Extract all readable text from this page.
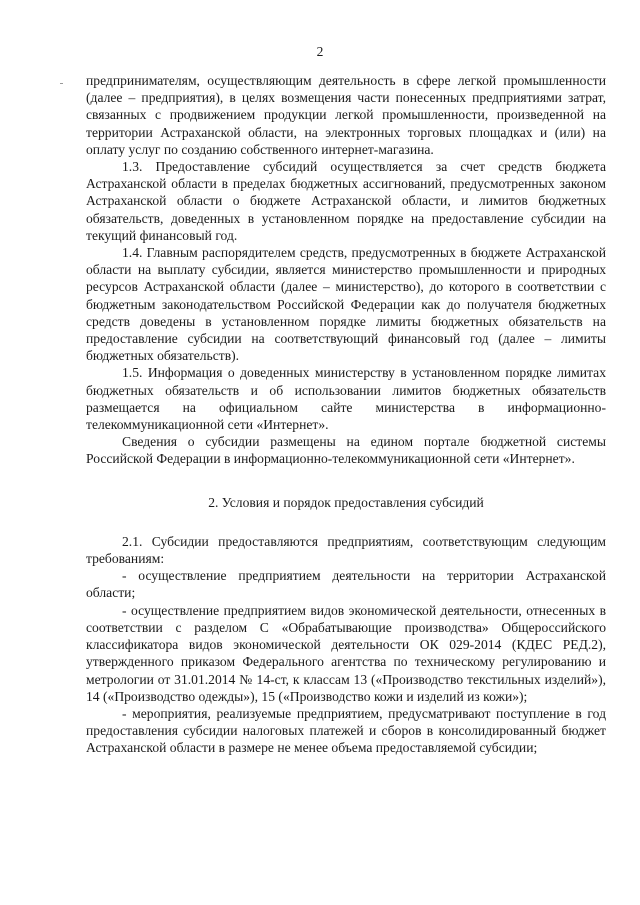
2

предпринимателям, осуществляющим деятельность в сфере легкой промышленности (далее – предприятия), в целях возмещения части понесенных предприятиями затрат, связанных с продвижением продукции легкой промышленности, произведенной на территории Астраханской области, на электронных торговых площадках и (или) на оплату услуг по созданию собственного интернет-магазина.

1.3. Предоставление субсидий осуществляется за счет средств бюджета Астраханской области в пределах бюджетных ассигнований, предусмотренных законом Астраханской области о бюджете Астраханской области, и лимитов бюджетных обязательств, доведенных в установленном порядке на предоставление субсидии на текущий финансовый год.

1.4. Главным распорядителем средств, предусмотренных в бюджете Астраханской области на выплату субсидии, является министерство промышленности и природных ресурсов Астраханской области (далее – министерство), до которого в соответствии с бюджетным законодательством Российской Федерации как до получателя бюджетных средств доведены в установленном порядке лимиты бюджетных обязательств на предоставление субсидии на соответствующий финансовый год (далее – лимиты бюджетных обязательств).

1.5. Информация о доведенных министерству в установленном порядке лимитах бюджетных обязательств и об использовании лимитов бюджетных обязательств размещается на официальном сайте министерства в информационно-телекоммуникационной сети «Интернет».

Сведения о субсидии размещены на едином портале бюджетной системы Российской Федерации в информационно-телекоммуникационной сети «Интернет».

2. Условия и порядок предоставления субсидий

2.1. Субсидии предоставляются предприятиям, соответствующим следующим требованиям:

- осуществление предприятием деятельности на территории Астраханской области;

- осуществление предприятием видов экономической деятельности, отнесенных в соответствии с разделом С «Обрабатывающие производства» Общероссийского классификатора видов экономической деятельности ОК 029-2014 (КДЕС РЕД.2), утвержденного приказом Федерального агентства по техническому регулированию и метрологии от 31.01.2014 № 14-ст, к классам 13 («Производство текстильных изделий»), 14 («Производство одежды»), 15 («Производство кожи и изделий из кожи»);

- мероприятия, реализуемые предприятием, предусматривают поступление в год предоставления субсидии налоговых платежей и сборов в консолидированный бюджет Астраханской области в размере не менее объема предоставляемой субсидии;
